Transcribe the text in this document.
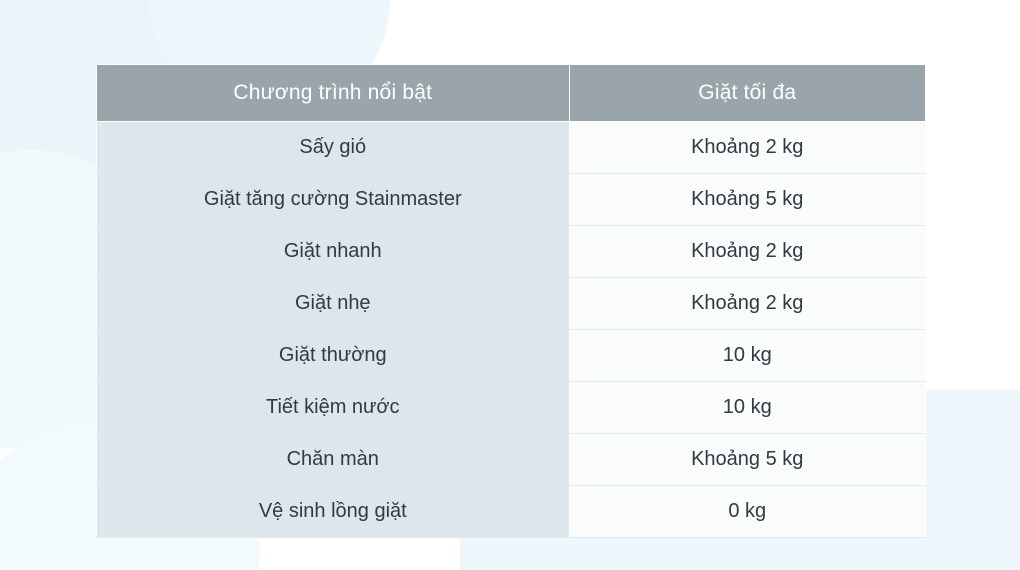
Chương trình nổi bật	Giặt tối đa
Sấy gió	Khoảng 2 kg
Giặt tăng cường Stainmaster	Khoảng 5 kg
Giặt nhanh	Khoảng 2 kg
Giặt nhẹ	Khoảng 2 kg
Giặt thường	10 kg
Tiết kiệm nước	10 kg
Chăn màn	Khoảng 5 kg
Vệ sinh lồng giặt	0 kg
